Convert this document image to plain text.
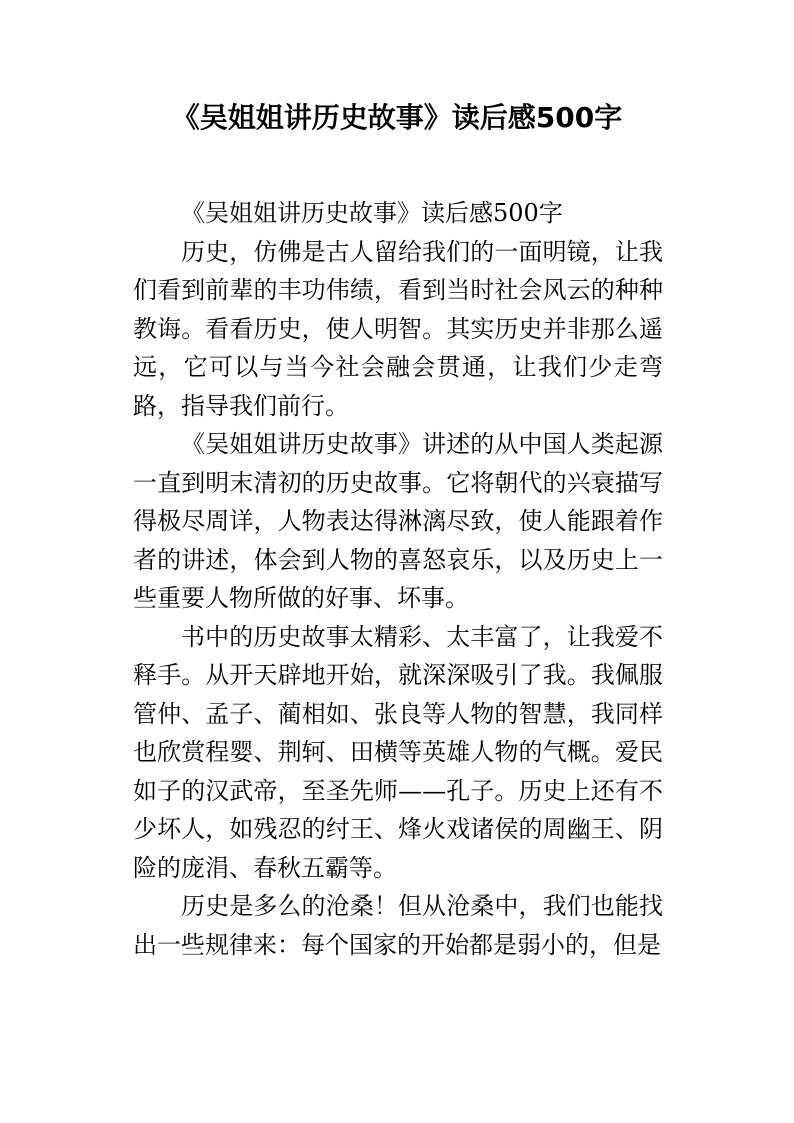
《吴姐姐讲历史故事》读后感500字

《吴姐姐讲历史故事》读后感500字

历史，仿佛是古人留给我们的一面明镜，让我们看到前辈的丰功伟绩，看到当时社会风云的种种教诲。看看历史，使人明智。其实历史并非那么遥远，它可以与当今社会融会贯通，让我们少走弯路，指导我们前行。

《吴姐姐讲历史故事》讲述的从中国人类起源一直到明末清初的历史故事。它将朝代的兴衰描写得极尽周详，人物表达得淋漓尽致，使人能跟着作者的讲述，体会到人物的喜怒哀乐，以及历史上一些重要人物所做的好事、坏事。

书中的历史故事太精彩、太丰富了，让我爱不释手。从开天辟地开始，就深深吸引了我。我佩服管仲、孟子、蔺相如、张良等人物的智慧，我同样也欣赏程婴、荆轲、田横等英雄人物的气概。爱民如子的汉武帝，至圣先师——孔子。历史上还有不少坏人，如残忍的纣王、烽火戏诸侯的周幽王、阴险的庞涓、春秋五霸等。

历史是多么的沧桑！但从沧桑中，我们也能找出一些规律来：每个国家的开始都是弱小的，但是
